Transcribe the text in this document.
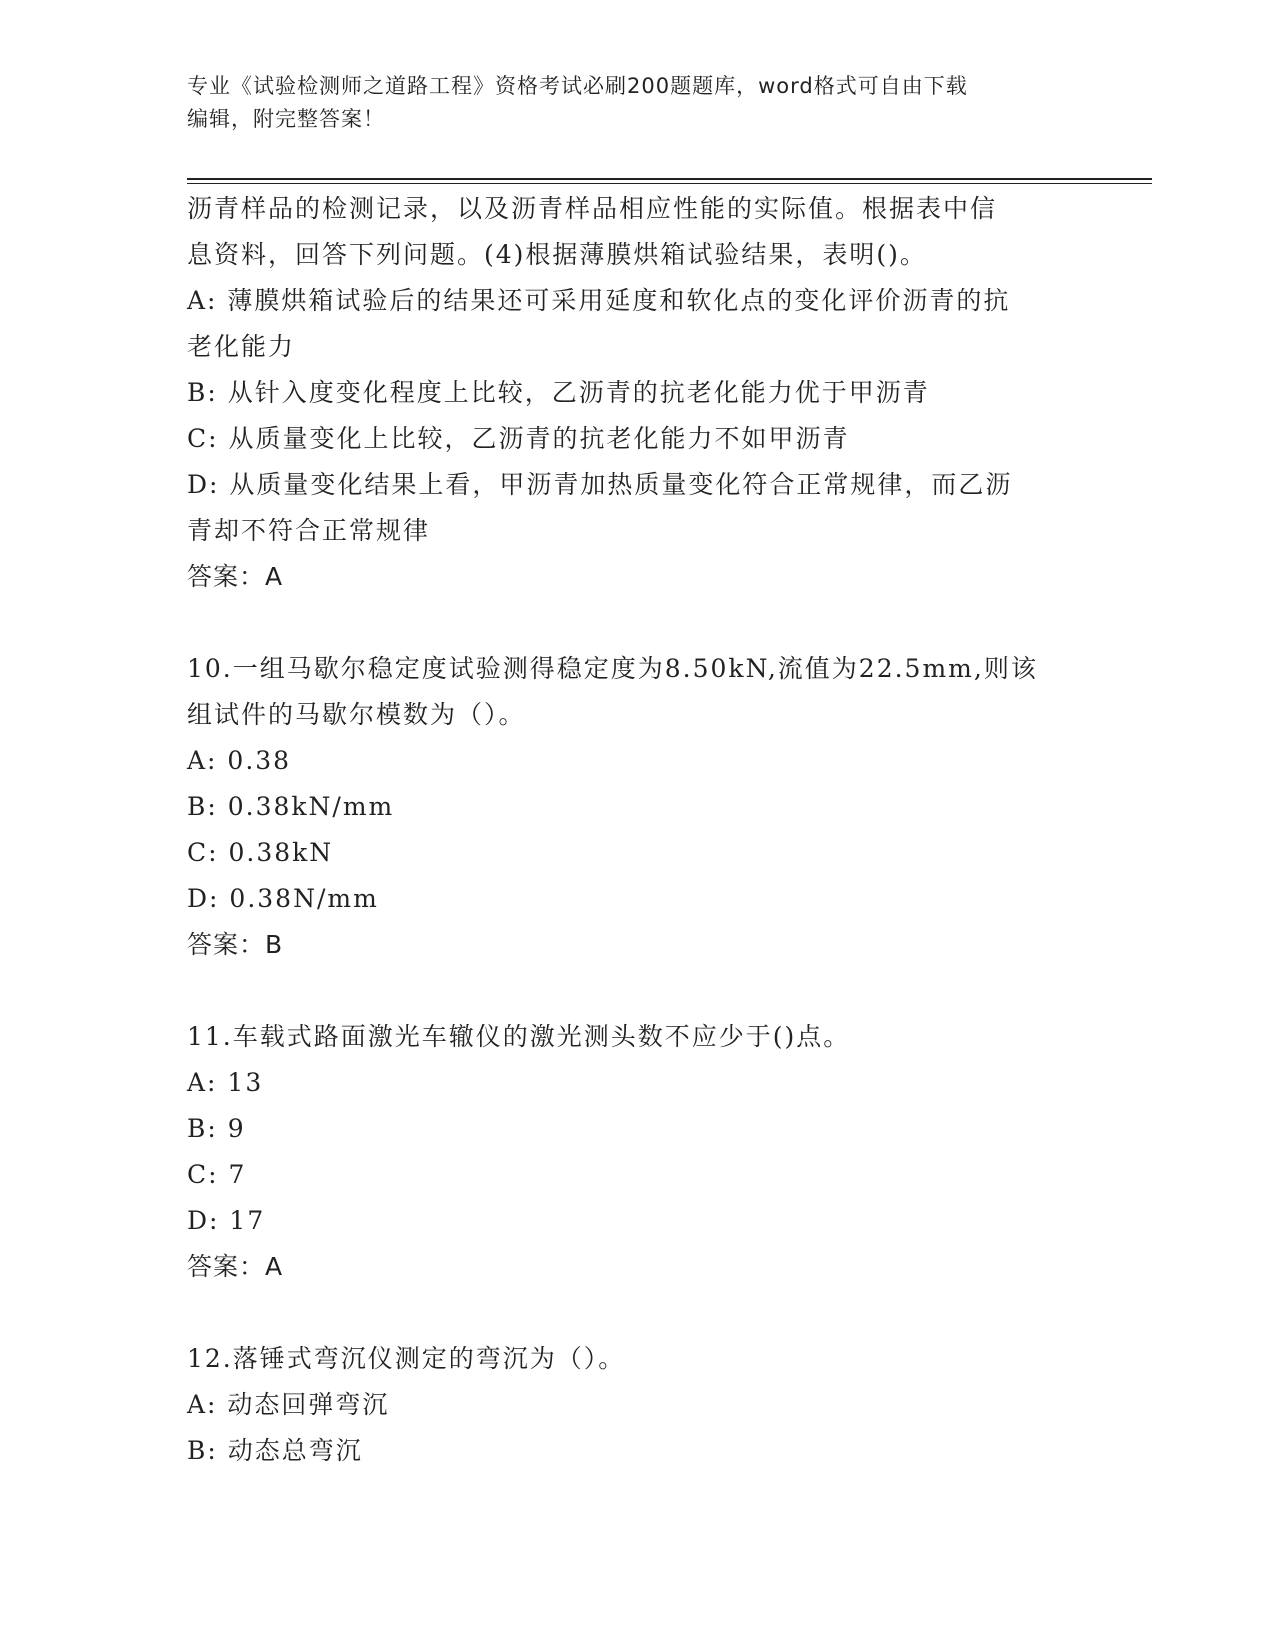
专业《试验检测师之道路工程》资格考试必刷200题题库，word格式可自由下载

编辑，附完整答案！

沥青样品的检测记录，以及沥青样品相应性能的实际值。根据表中信

息资料，回答下列问题。(4)根据薄膜烘箱试验结果，表明()。

A: 薄膜烘箱试验后的结果还可采用延度和软化点的变化评价沥青的抗

老化能力

B: 从针入度变化程度上比较，乙沥青的抗老化能力优于甲沥青

C: 从质量变化上比较，乙沥青的抗老化能力不如甲沥青

D: 从质量变化结果上看，甲沥青加热质量变化符合正常规律，而乙沥

青却不符合正常规律

答案：A

10.一组马歇尔稳定度试验测得稳定度为8.50kN,流值为22.5mm,则该

组试件的马歇尔模数为（）。

A: 0.38

B: 0.38kN/mm

C: 0.38kN

D: 0.38N/mm

答案：B

11.车载式路面激光车辙仪的激光测头数不应少于()点。

A: 13

B: 9

C: 7

D: 17

答案：A

12.落锤式弯沉仪测定的弯沉为（）。

A: 动态回弹弯沉

B: 动态总弯沉
